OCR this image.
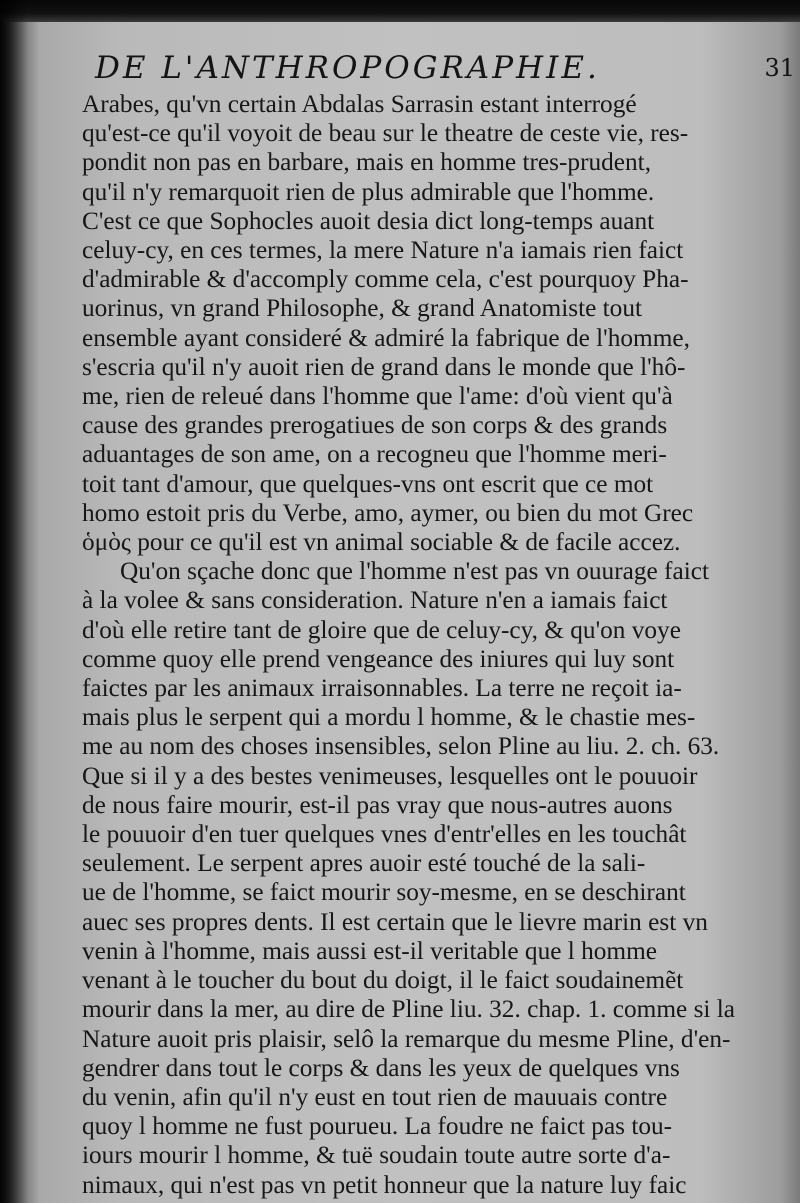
DE L'ANTHROPOGRAPHIE.	31
Arabes, qu'vn certain Abdalas Sarrasin estant interrogé
qu'est-ce qu'il voyoit de beau sur le theatre de ceste vie, res-
pondit non pas en barbare, mais en homme tres-prudent,
qu'il n'y remarquoit rien de plus admirable que l'homme.
C'est ce que Sophocles auoit desia dict long-temps auant
celuy-cy, en ces termes, la mere Nature n'a iamais rien faict
d'admirable & d'accomply comme cela, c'est pourquoy Pha-
uorinus, vn grand Philosophe, & grand Anatomiste tout
ensemble ayant consideré & admiré la fabrique de l'homme,
s'escria qu'il n'y auoit rien de grand dans le monde que l'hô-
me, rien de releué dans l'homme que l'ame: d'où vient qu'à
cause des grandes prerogatiues de son corps & des grands
aduantages de son ame, on a recogneu que l'homme meri-
toit tant d'amour, que quelques-vns ont escrit que ce mot
homo estoit pris du Verbe, amo, aymer, ou bien du mot Grec
ὁμὸς pour ce qu'il est vn animal sociable & de facile accez.
Qu'on sçache donc que l'homme n'est pas vn ouurage faict
à la volee & sans consideration. Nature n'en a iamais faict
d'où elle retire tant de gloire que de celuy-cy, & qu'on voye
comme quoy elle prend vengeance des iniures qui luy sont
faictes par les animaux irraisonnables. La terre ne reçoit ia-
mais plus le serpent qui a mordu l homme, & le chastie mes-
me au nom des choses insensibles, selon Pline au liu. 2. ch. 63.
Que si il y a des bestes venimeuses, lesquelles ont le pouuoir
de nous faire mourir, est-il pas vray que nous-autres auons
le pouuoir d'en tuer quelques vnes d'entr'elles en les touchât
seulement. Le serpent apres auoir esté touché de la sali-
ue de l'homme, se faict mourir soy-mesme, en se deschirant
auec ses propres dents. Il est certain que le lievre marin est vn
venin à l'homme, mais aussi est-il veritable que l homme
venant à le toucher du bout du doigt, il le faict soudainemẽt
mourir dans la mer, au dire de Pline liu. 32. chap. 1. comme si la
Nature auoit pris plaisir, selô la remarque du mesme Pline, d'en-
gendrer dans tout le corps & dans les yeux de quelques vns
du venin, afin qu'il n'y eust en tout rien de mauuais contre
quoy l homme ne fust pourueu. La foudre ne faict pas tou-
iours mourir l homme, & tuë soudain toute autre sorte d'a-
nimaux, qui n'est pas vn petit honneur que la nature luy faic
